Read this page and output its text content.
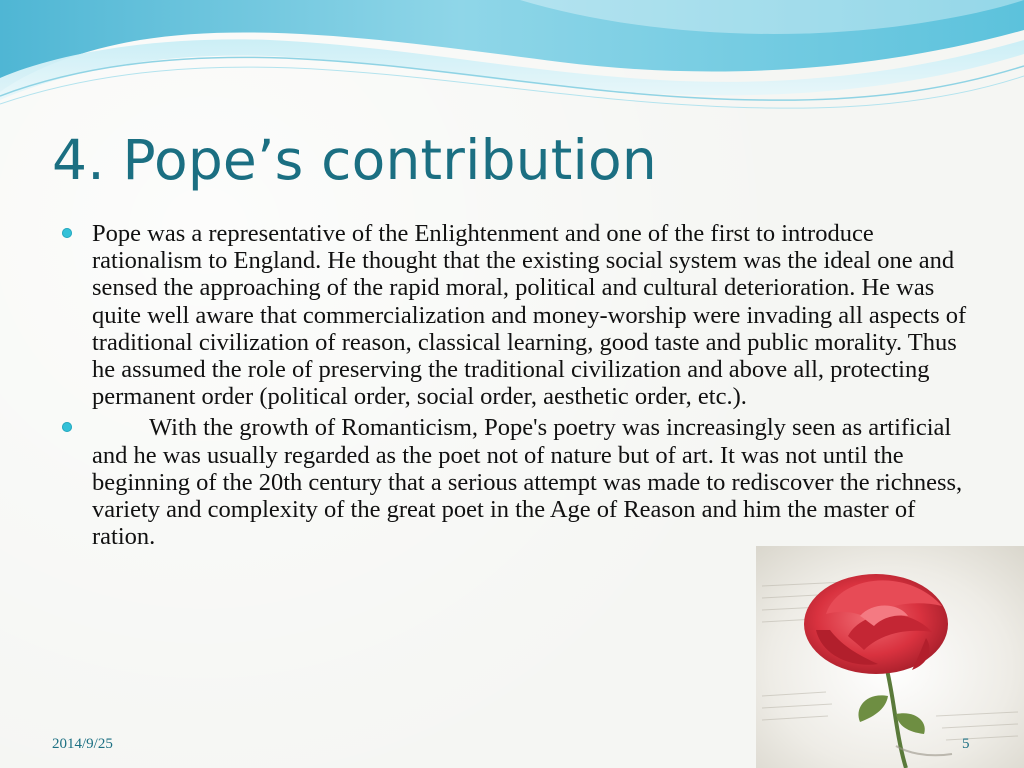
4. Pope’s contribution
Pope was a representative of the Enlightenment and one of the first to introduce rationalism to England. He thought that the existing social system was the ideal one and sensed the approaching of the rapid moral, political and cultural deterioration. He was quite well aware that commercialization and money-worship were invading all aspects of traditional civilization of reason, classical learning, good taste and public morality. Thus he assumed the role of preserving the traditional civilization and above all, protecting permanent order (political order, social order, aesthetic order, etc.).
With the growth of Romanticism, Pope's poetry was increasingly seen as artificial and he was usually regarded as the poet not of nature but of art. It was not until the beginning of the 20th century that a serious attempt was made to rediscover the richness, variety and complexity of the great poet in the Age of Reason and him the master of ration.
2014/9/25	5
